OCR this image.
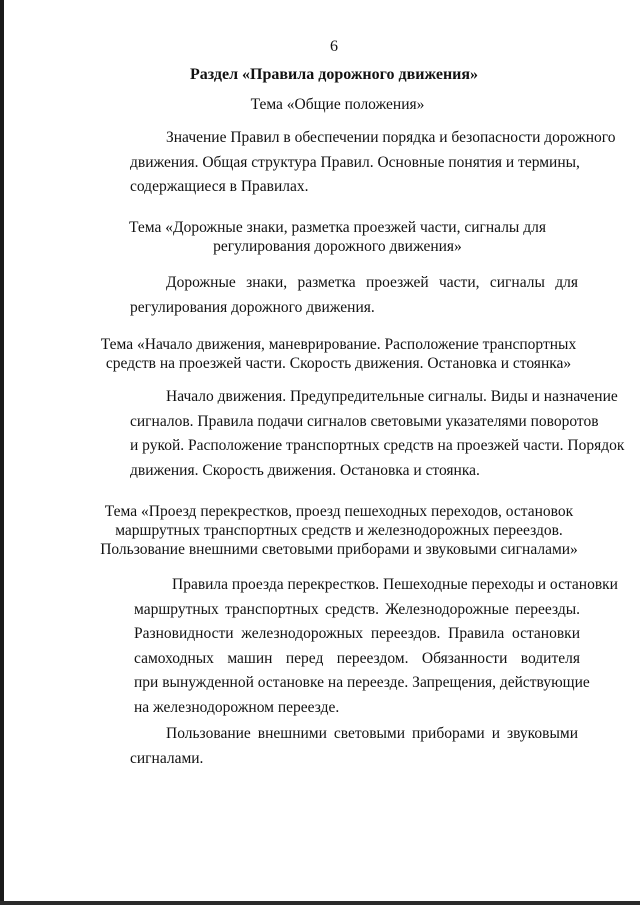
6
Раздел «Правила дорожного движения»
Тема «Общие положения»
Значение Правил в обеспечении порядка и безопасности дорожного
движения. Общая структура Правил. Основные понятия и термины,
содержащиеся в Правилах.
Тема «Дорожные знаки, разметка проезжей части, сигналы для
регулирования дорожного движения»
Дорожные знаки, разметка проезжей части, сигналы для
регулирования дорожного движения.
Тема «Начало движения, маневрирование. Расположение транспортных
средств на проезжей части. Скорость движения. Остановка и стоянка»
Начало движения. Предупредительные сигналы. Виды и назначение
сигналов. Правила подачи сигналов световыми указателями поворотов
и рукой. Расположение транспортных средств на проезжей части. Порядок
движения. Скорость движения. Остановка и стоянка.
Тема «Проезд перекрестков, проезд пешеходных переходов, остановок
маршрутных транспортных средств и железнодорожных переездов.
Пользование внешними световыми приборами и звуковыми сигналами»
Правила проезда перекрестков. Пешеходные переходы и остановки
маршрутных транспортных средств. Железнодорожные переезды.
Разновидности железнодорожных переездов. Правила остановки
самоходных машин перед переездом. Обязанности водителя
при вынужденной остановке на переезде. Запрещения, действующие
на железнодорожном переезде.
Пользование внешними световыми приборами и звуковыми
сигналами.
